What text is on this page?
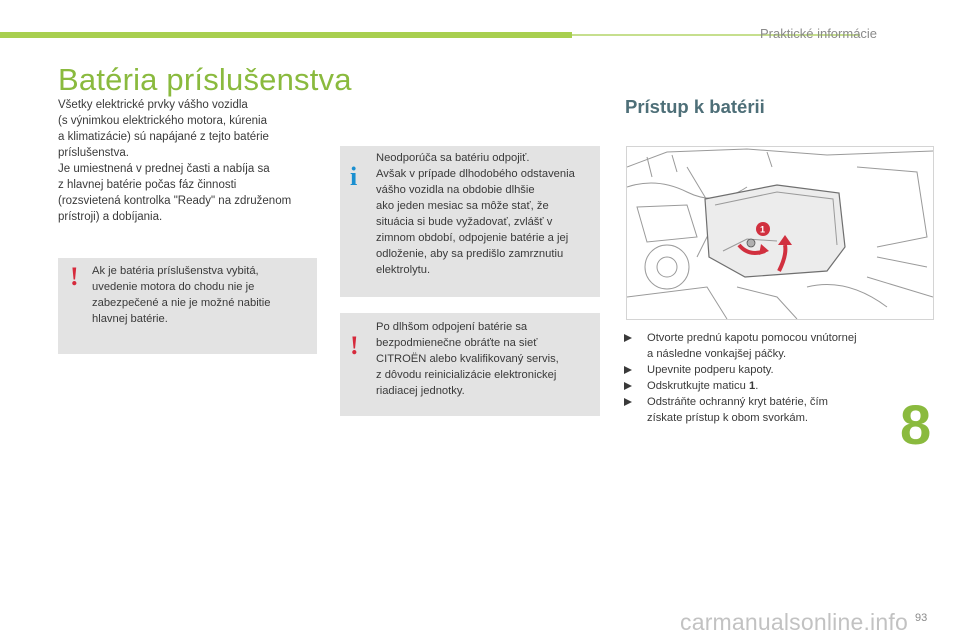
Praktické informácie
Batéria príslušenstva

Všetky elektrické prvky vášho vozidla

(s výnimkou elektrického motora, kúrenia

a klimatizácie) sú napájané z tejto batérie

príslušenstva.

Je umiestnená v prednej časti a nabíja sa

z hlavnej batérie počas fáz činnosti

(rozsvietená kontrolka "Ready" na združenom

prístroji) a dobíjania.

! Ak je batéria príslušenstva vybitá,
uvedenie motora do chodu nie je
zabezpečené a nie je možné nabitie
hlavnej batérie.
i
Neodporúča sa batériu odpojiť.
Avšak v prípade dlhodobého odstavenia
vášho vozidla na obdobie dlhšie
ako jeden mesiac sa môže stať, že
situácia si bude vyžadovať, zvlášť v
zimnom období, odpojenie batérie a jej
odloženie, aby sa predišlo zamrznutiu
elektrolytu.
!
Po dlhšom odpojení batérie sa
bezpodmienečne obráťte na sieť
CITROËN alebo kvalifikovaný servis,
z dôvodu reinicializácie elektronickej
riadiacej jednotky.
Prístup k batérii
1
Otvorte prednú kapotu pomocou vnútornej
a následne vonkajšej páčky.
Upevnite podperu kapoty.
Odskrutkujte maticu 1.
Odstráňte ochranný kryt batérie, čím
získate prístup k obom svorkám.	8
carmanualsonline.info 93
